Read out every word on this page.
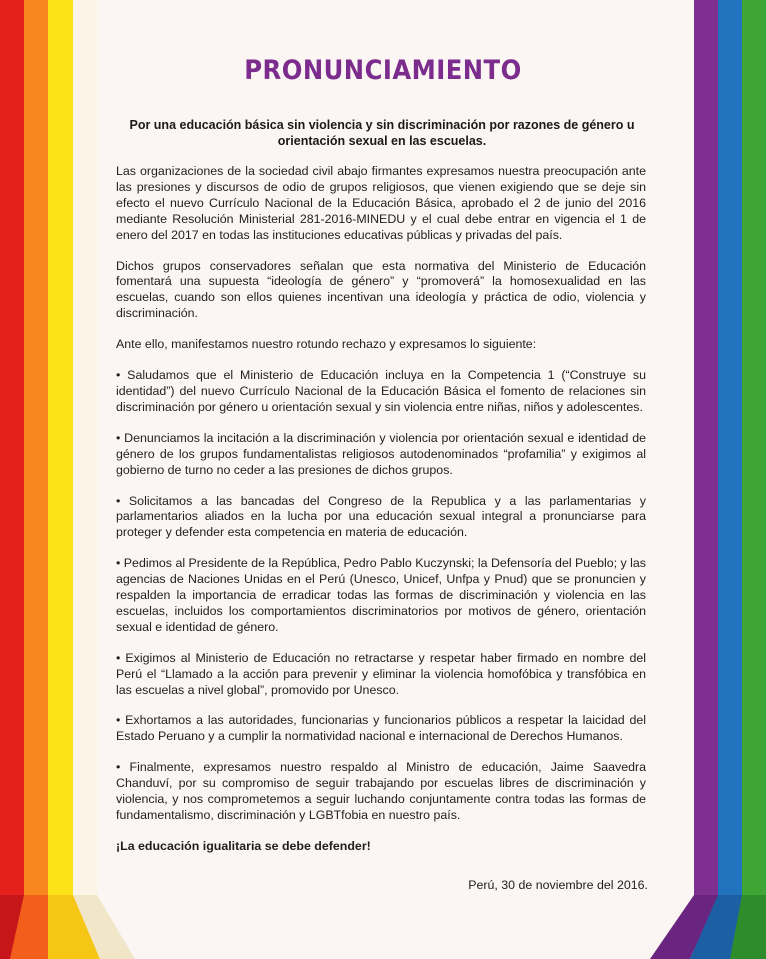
PRONUNCIAMIENTO
Por una educación básica sin violencia y sin discriminación por razones de género u orientación sexual en las escuelas.

Las organizaciones de la sociedad civil abajo firmantes expresamos nuestra preocupación ante las presiones y discursos de odio de grupos religiosos, que vienen exigiendo que se deje sin efecto el nuevo Currículo Nacional de la Educación Básica, aprobado el 2 de junio del 2016 mediante Resolución Ministerial 281-2016-MINEDU y el cual debe entrar en vigencia el 1 de enero del 2017 en todas las instituciones educativas públicas y privadas del país.

Dichos grupos conservadores señalan que esta normativa del Ministerio de Educación fomentará una supuesta “ideología de género” y “promoverá” la homosexualidad en las escuelas, cuando son ellos quienes incentivan una ideología y práctica de odio, violencia y discriminación.

Ante ello, manifestamos nuestro rotundo rechazo y expresamos lo siguiente:

• Saludamos que el Ministerio de Educación incluya en la Competencia 1 (“Construye su identidad”) del nuevo Currículo Nacional de la Educación Básica el fomento de relaciones sin discriminación por género u orientación sexual y sin violencia entre niñas, niños y adolescentes.

• Denunciamos la incitación a la discriminación y violencia por orientación sexual e identidad de género de los grupos fundamentalistas religiosos autodenominados “profamilia” y exigimos al gobierno de turno no ceder a las presiones de dichos grupos.

• Solicitamos a las bancadas del Congreso de la Republica y a las parlamentarias y parlamentarios aliados en la lucha por una educación sexual integral a pronunciarse para proteger y defender esta competencia en materia de educación.

• Pedimos al Presidente de la República, Pedro Pablo Kuczynski; la Defensoría del Pueblo; y las agencias de Naciones Unidas en el Perú (Unesco, Unicef, Unfpa y Pnud) que se pronuncien y respalden la importancia de erradicar todas las formas de discriminación y violencia en las escuelas, incluidos los comportamientos discriminatorios por motivos de género, orientación sexual e identidad de género.

• Exigimos al Ministerio de Educación no retractarse y respetar haber firmado en nombre del Perú el “Llamado a la acción para prevenir y eliminar la violencia homofóbica y transfóbica en las escuelas a nivel global”, promovido por Unesco.

• Exhortamos a las autoridades, funcionarias y funcionarios públicos a respetar la laicidad del Estado Peruano y a cumplir la normatividad nacional e internacional de Derechos Humanos.

• Finalmente, expresamos nuestro respaldo al Ministro de educación, Jaime Saavedra Chanduví, por su compromiso de seguir trabajando por escuelas libres de discriminación y violencia, y nos comprometemos a seguir luchando conjuntamente contra todas las formas de fundamentalismo, discriminación y LGBTfobia en nuestro país.

¡La educación igualitaria se debe defender!

Perú, 30 de noviembre del 2016.
